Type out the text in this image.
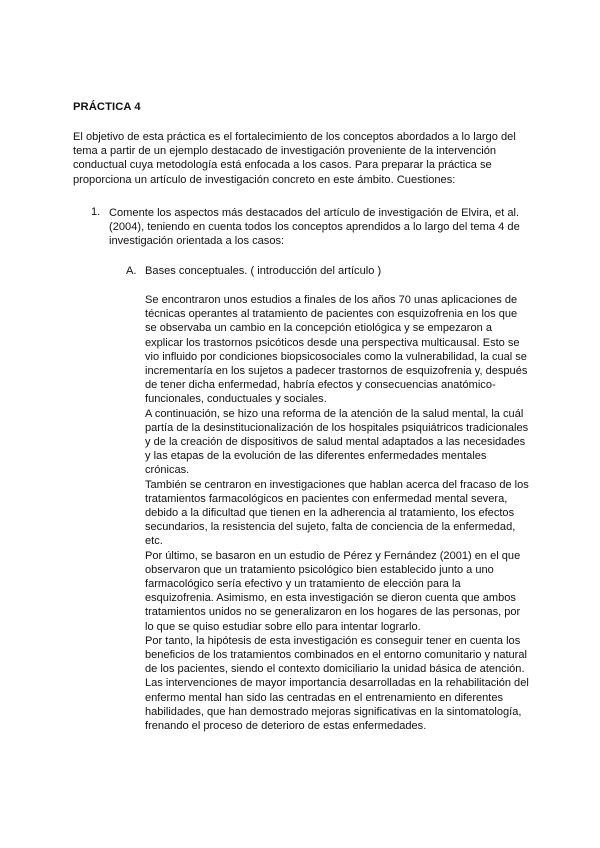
PRÁCTICA 4

El objetivo de esta práctica es el fortalecimiento de los conceptos abordados a lo largo del tema a partir de un ejemplo destacado de investigación proveniente de la intervención conductual cuya metodología está enfocada a los casos. Para preparar la práctica se proporciona un artículo de investigación concreto en este ámbito. Cuestiones:

1. Comente los aspectos más destacados del artículo de investigación de Elvira, et al. (2004), teniendo en cuenta todos los conceptos aprendidos a lo largo del tema 4 de investigación orientada a los casos:

A. Bases conceptuales. ( introducción del artículo )

Se encontraron unos estudios a finales de los años 70 unas aplicaciones de técnicas operantes al tratamiento de pacientes con esquizofrenia en los que se observaba un cambio en la concepción etiológica y se empezaron a explicar los trastornos psicóticos desde una perspectiva multicausal. Esto se vio influido por condiciones biopsicosociales como la vulnerabilidad, la cual se incrementaría en los sujetos a padecer trastornos de esquizofrenia y, después de tener dicha enfermedad, habría efectos y consecuencias anatómico-funcionales, conductuales y sociales.

A continuación, se hizo una reforma de la atención de la salud mental, la cuál partía de la desinstitucionalización de los hospitales psiquiátricos tradicionales y de la creación de dispositivos de salud mental adaptados a las necesidades y las etapas de la evolución de las diferentes enfermedades mentales crónicas.

También se centraron en investigaciones que hablan acerca del fracaso de los tratamientos farmacológicos en pacientes con enfermedad mental severa, debido a la dificultad que tienen en la adherencia al tratamiento, los efectos secundarios, la resistencia del sujeto, falta de conciencia de la enfermedad, etc.

Por último, se basaron en un estudio de Pérez y Fernández (2001) en el que observaron que un tratamiento psicológico bien establecido junto a uno farmacológico sería efectivo y un tratamiento de elección para la esquizofrenia. Asimismo, en esta investigación se dieron cuenta que ambos tratamientos unidos no se generalizaron en los hogares de las personas, por lo que se quiso estudiar sobre ello para intentar lograrlo.

Por tanto, la hipótesis de esta investigación es conseguir tener en cuenta los beneficios de los tratamientos combinados en el entorno comunitario y natural de los pacientes, siendo el contexto domiciliario la unidad básica de atención.

Las intervenciones de mayor importancia desarrolladas en la rehabilitación del enfermo mental han sido las centradas en el entrenamiento en diferentes habilidades, que han demostrado mejoras significativas en la sintomatología, frenando el proceso de deterioro de estas enfermedades.
